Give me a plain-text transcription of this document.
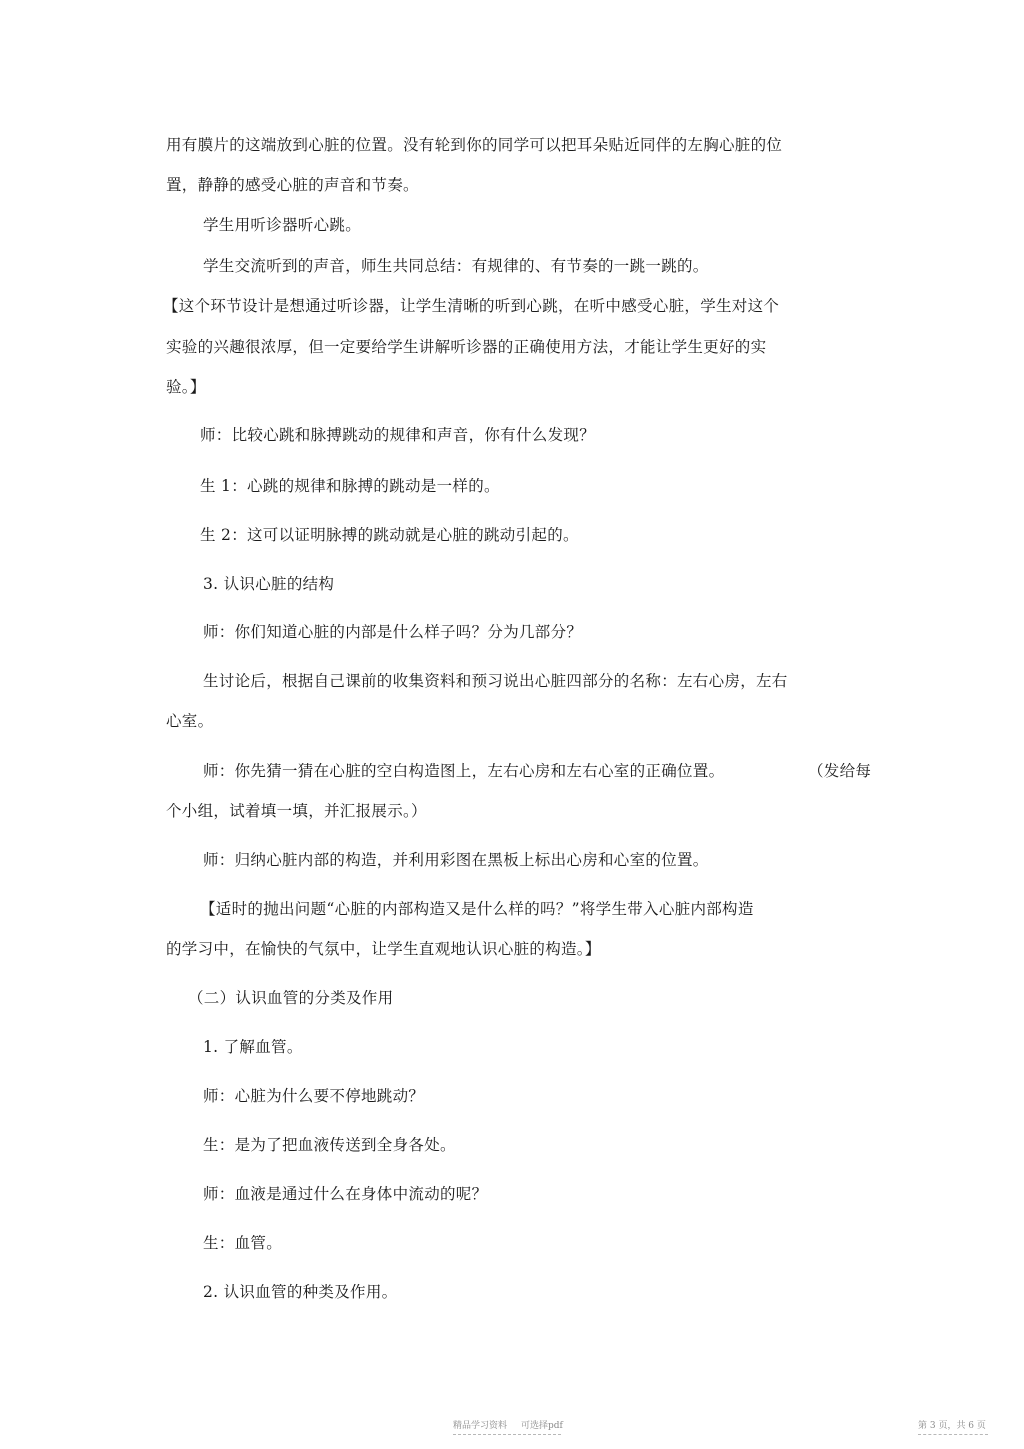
用有膜片的这端放到心脏的位置。没有轮到你的同学可以把耳朵贴近同伴的左胸心脏的位
置，静静的感受心脏的声音和节奏。
学生用听诊器听心跳。
学生交流听到的声音，师生共同总结：有规律的、有节奏的一跳一跳的。
【这个环节设计是想通过听诊器，让学生清晰的听到心跳，在听中感受心脏，学生对这个
实验的兴趣很浓厚，但一定要给学生讲解听诊器的正确使用方法，才能让学生更好的实
验。】
师：比较心跳和脉搏跳动的规律和声音，你有什么发现？
生 1：心跳的规律和脉搏的跳动是一样的。
生 2：这可以证明脉搏的跳动就是心脏的跳动引起的。
3. 认识心脏的结构
师：你们知道心脏的内部是什么样子吗？分为几部分？
生讨论后，根据自己课前的收集资料和预习说出心脏四部分的名称：左右心房，左右
心室。
师：你先猜一猜在心脏的空白构造图上，左右心房和左右心室的正确位置。	（发给每
个小组，试着填一填，并汇报展示。）
师：归纳心脏内部的构造，并利用彩图在黑板上标出心房和心室的位置。
【适时的抛出问题“心脏的内部构造又是什么样的吗？”将学生带入心脏内部构造
的学习中，在愉快的气氛中，让学生直观地认识心脏的构造。】
（二）认识血管的分类及作用
1. 了解血管。
师：心脏为什么要不停地跳动？
生：是为了把血液传送到全身各处。
师：血液是通过什么在身体中流动的呢？
生：血管。
2. 认识血管的种类及作用。
精品学习资料 可选择pdf	第 3 页，共 6 页
